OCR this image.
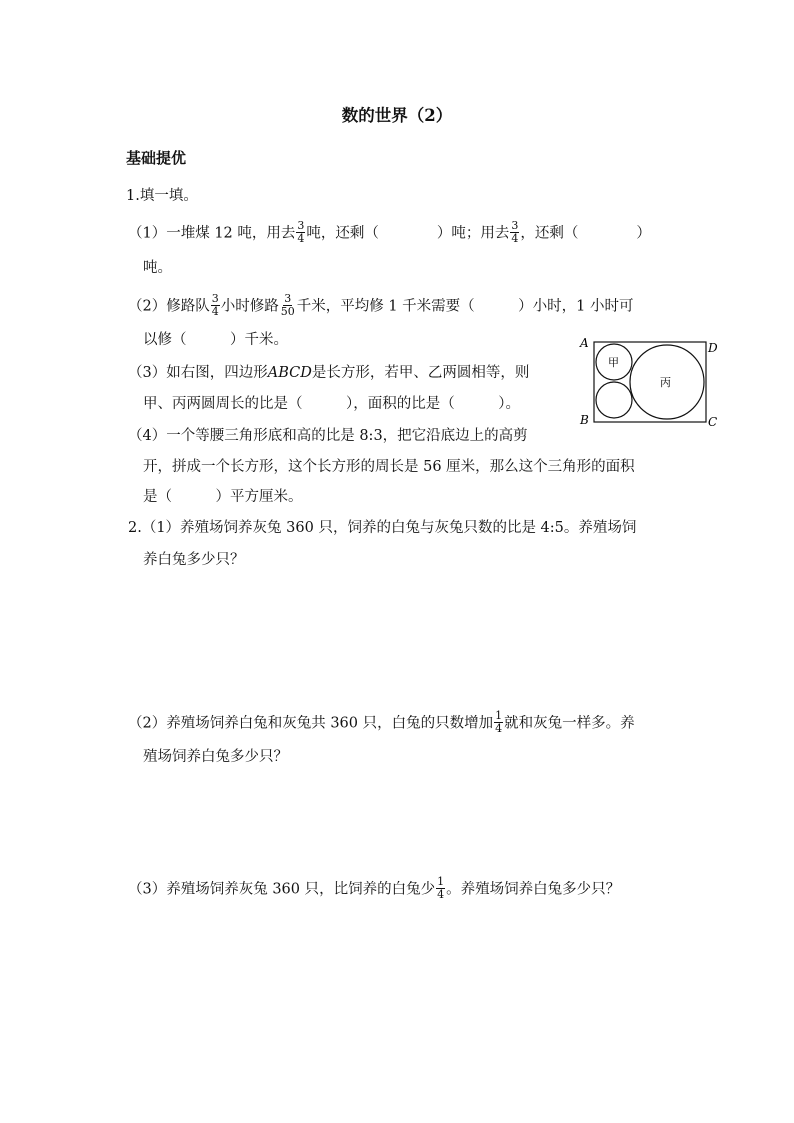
数的世界（2）
基础提优
1.填一填。
（1）一堆煤 12 吨，用去 $\frac{3}{4}$ 吨，还剩（　　　　）吨；用去 $\frac{3}{4}$ ，还剩（　　　　）
吨。
（2）修路队 $\frac{3}{4}$ 小时修路 $\frac{3}{50}$ 千米，平均修 1 千米需要（　　　）小时，1 小时可
以修（　　　）千米。
（3）如右图，四边形ABCD是长方形，若甲、乙两圆相等，则
甲、丙两圆周长的比是（　　　），面积的比是（　　　）。
（4）一个等腰三角形底和高的比是 8:3，把它沿底边上的高剪
开，拼成一个长方形，这个长方形的周长是 56 厘米，那么这个三角形的面积
是（　　　）平方厘米。
A	D
B	C
甲
丙
2.（1）养殖场饲养灰兔 360 只，饲养的白兔与灰兔只数的比是 4:5。养殖场饲
养白兔多少只？
（2）养殖场饲养白兔和灰兔共 360 只，白兔的只数增加 $\frac{1}{4}$ 就和灰兔一样多。养
殖场饲养白兔多少只？
（3）养殖场饲养灰兔 360 只，比饲养的白兔少 $\frac{1}{4}$ 。养殖场饲养白兔多少只？
